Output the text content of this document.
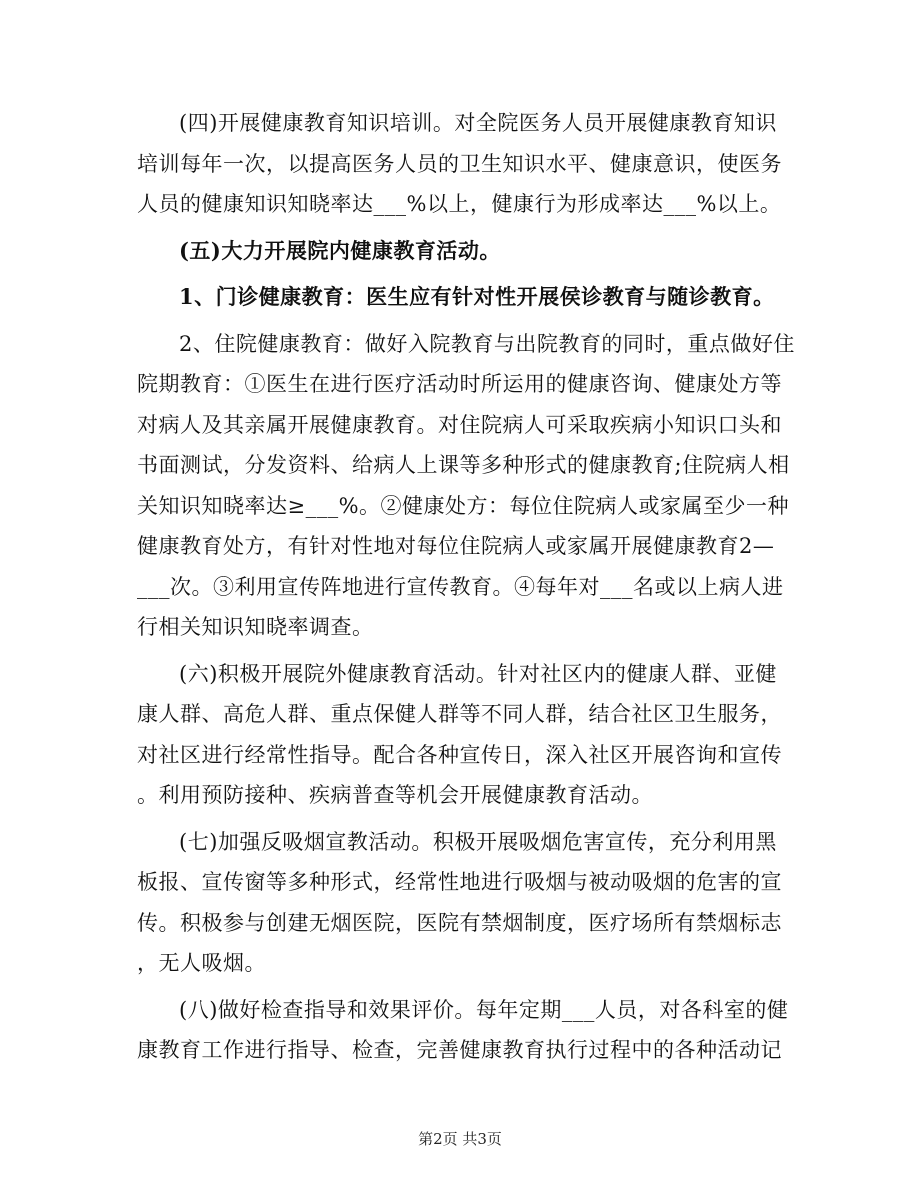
(四)开展健康教育知识培训。对全院医务人员开展健康教育知识
培训每年一次，以提高医务人员的卫生知识水平、健康意识，使医务
人员的健康知识知晓率达___%以上，健康行为形成率达___%以上。
(五)大力开展院内健康教育活动。
1、门诊健康教育：医生应有针对性开展侯诊教育与随诊教育。
2、住院健康教育：做好入院教育与出院教育的同时，重点做好住
院期教育：①医生在进行医疗活动时所运用的健康咨询、健康处方等
对病人及其亲属开展健康教育。对住院病人可采取疾病小知识口头和
书面测试，分发资料、给病人上课等多种形式的健康教育;住院病人相
关知识知晓率达≥___%。②健康处方：每位住院病人或家属至少一种
健康教育处方，有针对性地对每位住院病人或家属开展健康教育2—
___次。③利用宣传阵地进行宣传教育。④每年对___名或以上病人进
行相关知识知晓率调查。
(六)积极开展院外健康教育活动。针对社区内的健康人群、亚健
康人群、高危人群、重点保健人群等不同人群，结合社区卫生服务，
对社区进行经常性指导。配合各种宣传日，深入社区开展咨询和宣传
。利用预防接种、疾病普查等机会开展健康教育活动。
(七)加强反吸烟宣教活动。积极开展吸烟危害宣传，充分利用黑
板报、宣传窗等多种形式，经常性地进行吸烟与被动吸烟的危害的宣
传。积极参与创建无烟医院，医院有禁烟制度，医疗场所有禁烟标志
，无人吸烟。
(八)做好检查指导和效果评价。每年定期___人员，对各科室的健
康教育工作进行指导、检查，完善健康教育执行过程中的各种活动记
第2页 共3页
